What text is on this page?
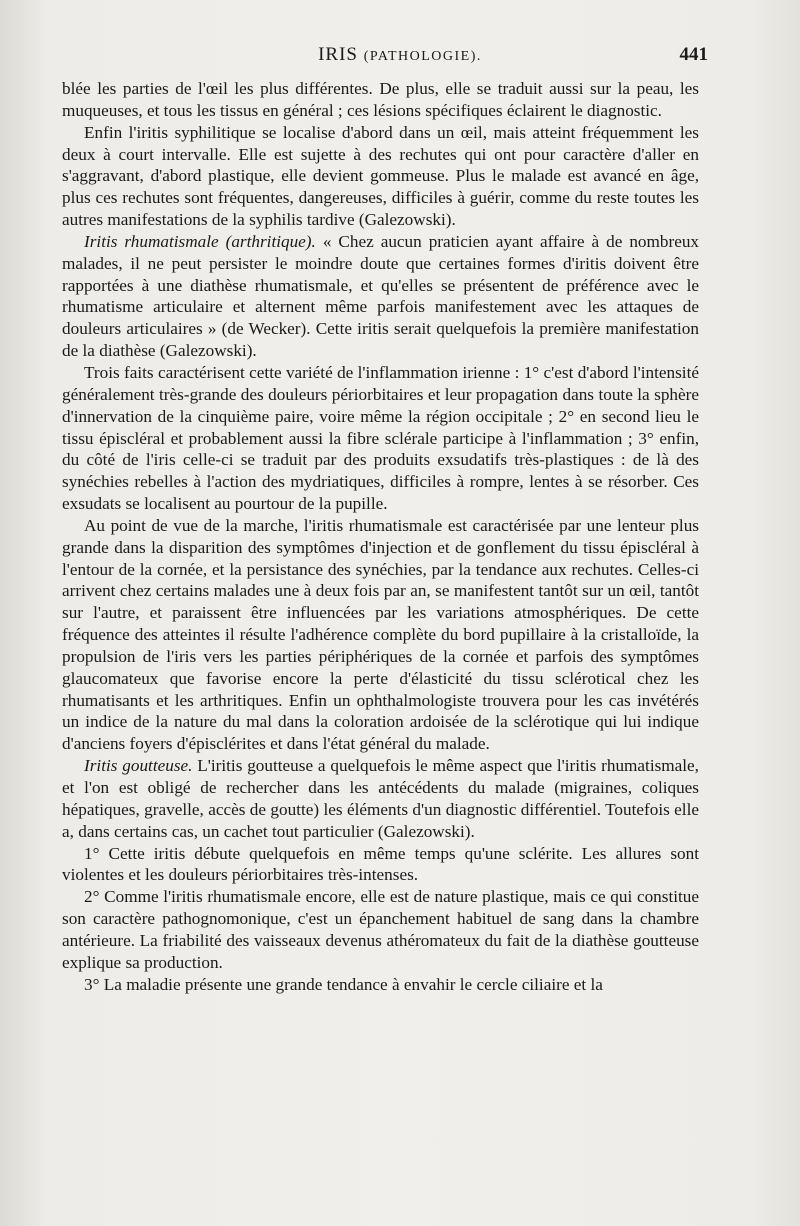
IRIS (PATHOLOGIE).	441

blée les parties de l'œil les plus différentes. De plus, elle se traduit aussi sur la peau, les muqueuses, et tous les tissus en général ; ces lésions spécifiques éclairent le diagnostic.

Enfin l'iritis syphilitique se localise d'abord dans un œil, mais atteint fréquemment les deux à court intervalle. Elle est sujette à des rechutes qui ont pour caractère d'aller en s'aggravant, d'abord plastique, elle devient gommeuse. Plus le malade est avancé en âge, plus ces rechutes sont fréquentes, dangereuses, difficiles à guérir, comme du reste toutes les autres manifestations de la syphilis tardive (Galezowski).

Iritis rhumatismale (arthritique). « Chez aucun praticien ayant affaire à de nombreux malades, il ne peut persister le moindre doute que certaines formes d'iritis doivent être rapportées à une diathèse rhumatismale, et qu'elles se présentent de préférence avec le rhumatisme articulaire et alternent même parfois manifestement avec les attaques de douleurs articulaires » (de Wecker). Cette iritis serait quelquefois la première manifestation de la diathèse (Galezowski).

Trois faits caractérisent cette variété de l'inflammation irienne : 1° c'est d'abord l'intensité généralement très-grande des douleurs périorbitaires et leur propagation dans toute la sphère d'innervation de la cinquième paire, voire même la région occipitale ; 2° en second lieu le tissu épiscléral et probablement aussi la fibre sclérale participe à l'inflammation ; 3° enfin, du côté de l'iris celle-ci se traduit par des produits exsudatifs très-plastiques : de là des synéchies rebelles à l'action des mydriatiques, difficiles à rompre, lentes à se résorber. Ces exsudats se localisent au pourtour de la pupille.

Au point de vue de la marche, l'iritis rhumatismale est caractérisée par une lenteur plus grande dans la disparition des symptômes d'injection et de gonflement du tissu épiscléral à l'entour de la cornée, et la persistance des synéchies, par la tendance aux rechutes. Celles-ci arrivent chez certains malades une à deux fois par an, se manifestent tantôt sur un œil, tantôt sur l'autre, et paraissent être influencées par les variations atmosphériques. De cette fréquence des atteintes il résulte l'adhérence complète du bord pupillaire à la cristalloïde, la propulsion de l'iris vers les parties périphériques de la cornée et parfois des symptômes glaucomateux que favorise encore la perte d'élasticité du tissu sclérotical chez les rhumatisants et les arthritiques. Enfin un ophthalmologiste trouvera pour les cas invétérés un indice de la nature du mal dans la coloration ardoisée de la sclérotique qui lui indique d'anciens foyers d'épisclérites et dans l'état général du malade.

Iritis goutteuse. L'iritis goutteuse a quelquefois le même aspect que l'iritis rhumatismale, et l'on est obligé de rechercher dans les antécédents du malade (migraines, coliques hépatiques, gravelle, accès de goutte) les éléments d'un diagnostic différentiel. Toutefois elle a, dans certains cas, un cachet tout particulier (Galezowski).

1° Cette iritis débute quelquefois en même temps qu'une sclérite. Les allures sont violentes et les douleurs périorbitaires très-intenses.

2° Comme l'iritis rhumatismale encore, elle est de nature plastique, mais ce qui constitue son caractère pathognomonique, c'est un épanchement habituel de sang dans la chambre antérieure. La friabilité des vaisseaux devenus athéromateux du fait de la diathèse goutteuse explique sa production.

3° La maladie présente une grande tendance à envahir le cercle ciliaire et la
